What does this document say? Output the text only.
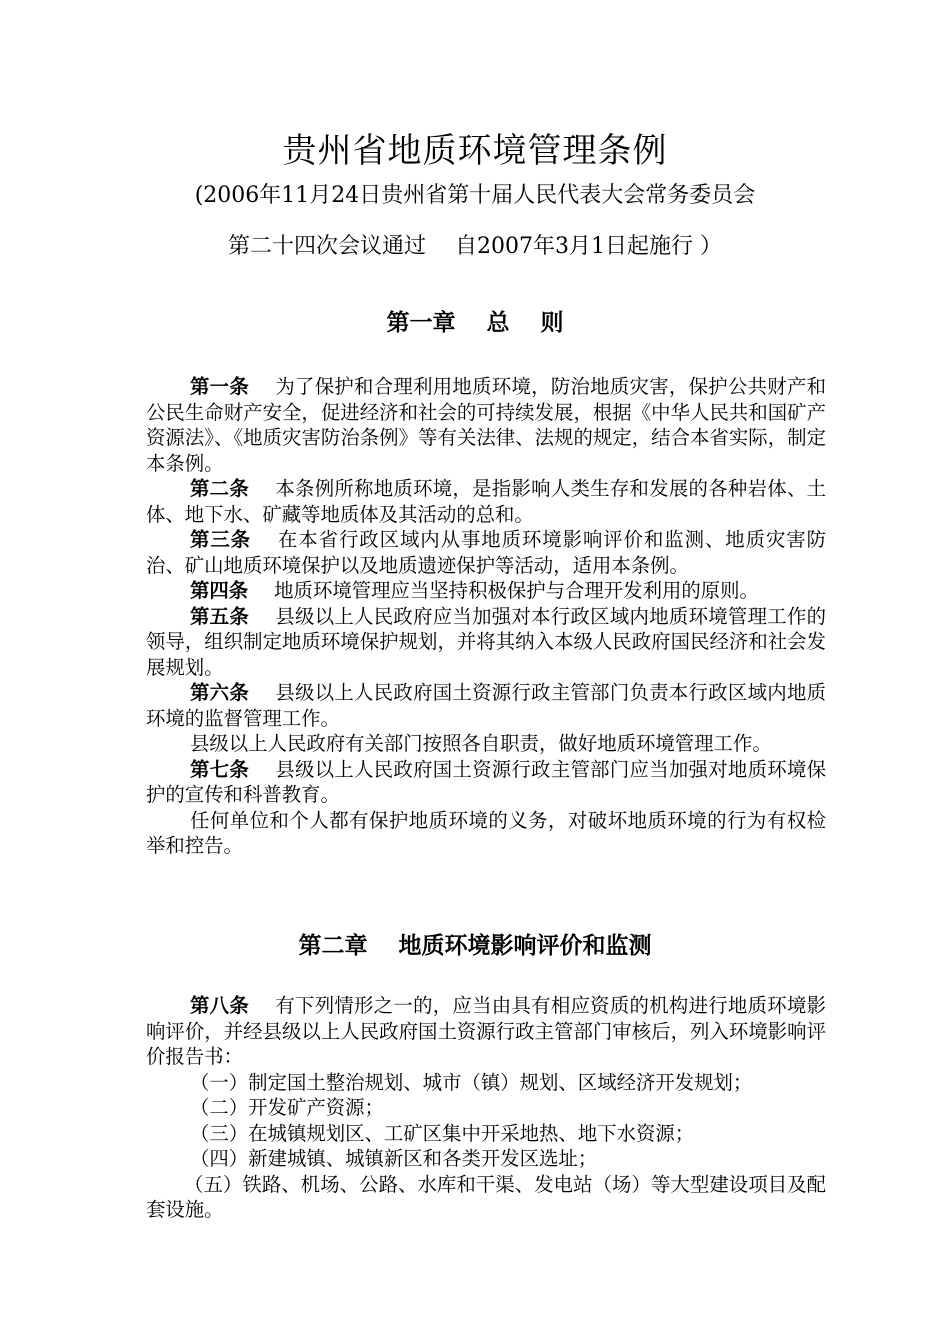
贵州省地质环境管理条例
(2006年11月24日贵州省第十届人民代表大会常务委员会
第二十四次会议通过　 自2007年3月1日起施行 ）
第一章　 总　 则

第一条 为了保护和合理利用地质环境，防治地质灾害，保护公共财产和公民生命财产安全，促进经济和社会的可持续发展，根据《中华人民共和国矿产资源法》、《地质灾害防治条例》等有关法律、法规的规定，结合本省实际，制定本条例。

第二条 本条例所称地质环境，是指影响人类生存和发展的各种岩体、土体、地下水、矿藏等地质体及其活动的总和。

第三条 在本省行政区域内从事地质环境影响评价和监测、地质灾害防治、矿山地质环境保护以及地质遗迹保护等活动，适用本条例。

第四条 地质环境管理应当坚持积极保护与合理开发利用的原则。

第五条 县级以上人民政府应当加强对本行政区域内地质环境管理工作的领导，组织制定地质环境保护规划，并将其纳入本级人民政府国民经济和社会发展规划。

第六条 县级以上人民政府国土资源行政主管部门负责本行政区域内地质环境的监督管理工作。

县级以上人民政府有关部门按照各自职责，做好地质环境管理工作。

第七条 县级以上人民政府国土资源行政主管部门应当加强对地质环境保护的宣传和科普教育。

任何单位和个人都有保护地质环境的义务，对破坏地质环境的行为有权检举和控告。

第二章　 地质环境影响评价和监测

第八条 有下列情形之一的，应当由具有相应资质的机构进行地质环境影响评价，并经县级以上人民政府国土资源行政主管部门审核后，列入环境影响评价报告书：

（一）制定国土整治规划、城市（镇）规划、区域经济开发规划；

（二）开发矿产资源；

（三）在城镇规划区、工矿区集中开采地热、地下水资源；

（四）新建城镇、城镇新区和各类开发区选址；

（五）铁路、机场、公路、水库和干渠、发电站（场）等大型建设项目及配套设施。
